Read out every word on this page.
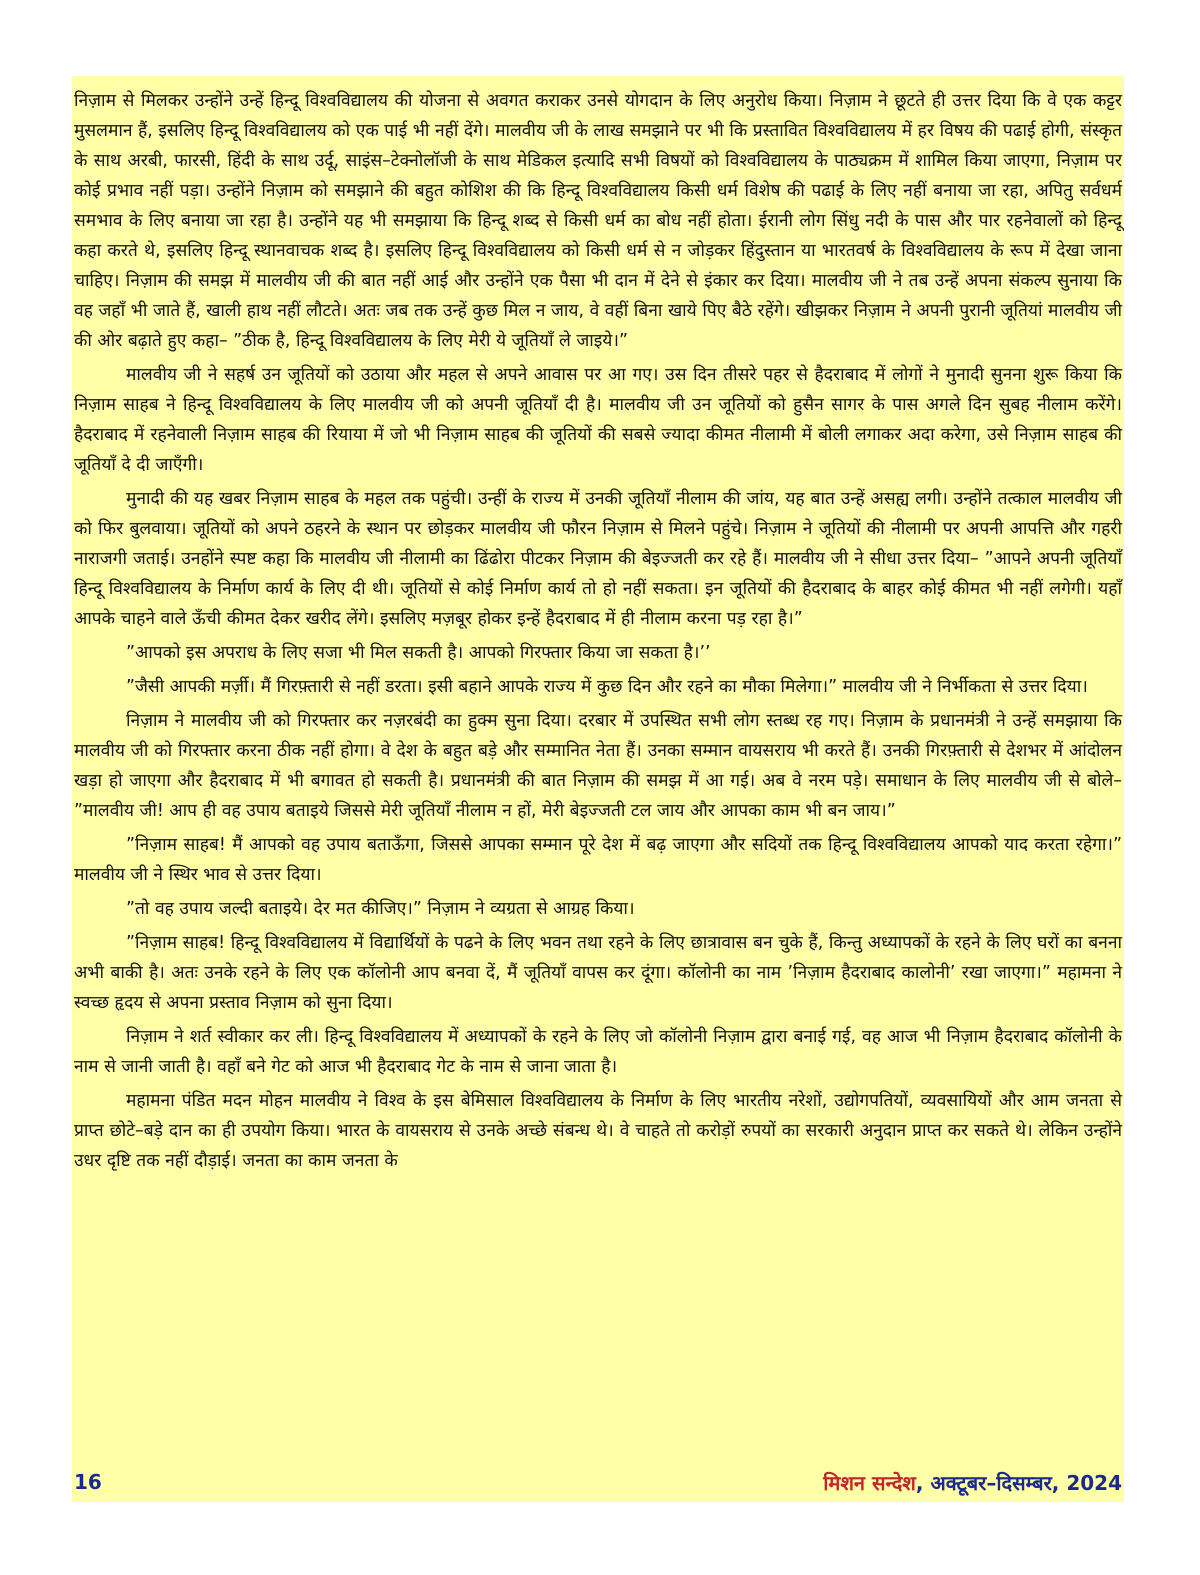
निज़ाम से मिलकर उन्होंने उन्हें हिन्दू विश्वविद्यालय की योजना से अवगत कराकर उनसे योगदान के लिए अनुरोध किया। निज़ाम ने छूटते ही उत्तर दिया कि वे एक कट्टर मुसलमान हैं, इसलिए हिन्दू विश्वविद्यालय को एक पाई भी नहीं देंगे। मालवीय जी के लाख समझाने पर भी कि प्रस्तावित विश्वविद्यालय में हर विषय की पढाई होगी, संस्कृत के साथ अरबी, फारसी, हिंदी के साथ उर्दू, साइंस–टेक्नोलॉजी के साथ मेडिकल इत्यादि सभी विषयों को विश्वविद्यालय के पाठ्यक्रम में शामिल किया जाएगा, निज़ाम पर कोई प्रभाव नहीं पड़ा। उन्होंने निज़ाम को समझाने की बहुत कोशिश की कि हिन्दू विश्वविद्यालय किसी धर्म विशेष की पढाई के लिए नहीं बनाया जा रहा, अपितु सर्वधर्म समभाव के लिए बनाया जा रहा है। उन्होंने यह भी समझाया कि हिन्दू शब्द से किसी धर्म का बोध नहीं होता। ईरानी लोग सिंधु नदी के पास और पार रहनेवालों को हिन्दू कहा करते थे, इसलिए हिन्दू स्थानवाचक शब्द है। इसलिए हिन्दू विश्वविद्यालय को किसी धर्म से न जोड़कर हिंदुस्तान या भारतवर्ष के विश्वविद्यालय के रूप में देखा जाना चाहिए। निज़ाम की समझ में मालवीय जी की बात नहीं आई और उन्होंने एक पैसा भी दान में देने से इंकार कर दिया। मालवीय जी ने तब उन्हें अपना संकल्प सुनाया कि वह जहाँ भी जाते हैं, खाली हाथ नहीं लौटते। अतः जब तक उन्हें कुछ मिल न जाय, वे वहीं बिना खाये पिए बैठे रहेंगे। खीझकर निज़ाम ने अपनी पुरानी जूतियां मालवीय जी की ओर बढ़ाते हुए कहा– ”ठीक है, हिन्दू विश्वविद्यालय के लिए मेरी ये जूतियाँ ले जाइये।”

मालवीय जी ने सहर्ष उन जूतियों को उठाया और महल से अपने आवास पर आ गए। उस दिन तीसरे पहर से हैदराबाद में लोगों ने मुनादी सुनना शुरू किया कि निज़ाम साहब ने हिन्दू विश्वविद्यालय के लिए मालवीय जी को अपनी जूतियाँ दी है। मालवीय जी उन जूतियों को हुसैन सागर के पास अगले दिन सुबह नीलाम करेंगे। हैदराबाद में रहनेवाली निज़ाम साहब की रियाया में जो भी निज़ाम साहब की जूतियों की सबसे ज्यादा कीमत नीलामी में बोली लगाकर अदा करेगा, उसे निज़ाम साहब की जूतियाँ दे दी जाएँगी।

मुनादी की यह खबर निज़ाम साहब के महल तक पहुंची। उन्हीं के राज्य में उनकी जूतियाँ नीलाम की जांय, यह बात उन्हें असह्य लगी। उन्होंने तत्काल मालवीय जी को फिर बुलवाया। जूतियों को अपने ठहरने के स्थान पर छोड़कर मालवीय जी फौरन निज़ाम से मिलने पहुंचे। निज़ाम ने जूतियों की नीलामी पर अपनी आपत्ति और गहरी नाराजगी जताई। उनहोंने स्पष्ट कहा कि मालवीय जी नीलामी का ढिंढोरा पीटकर निज़ाम की बेइज्जती कर रहे हैं। मालवीय जी ने सीधा उत्तर दिया– ”आपने अपनी जूतियाँ हिन्दू विश्वविद्यालय के निर्माण कार्य के लिए दी थी। जूतियों से कोई निर्माण कार्य तो हो नहीं सकता। इन जूतियों की हैदराबाद के बाहर कोई कीमत भी नहीं लगेगी। यहाँ आपके चाहने वाले ऊँची कीमत देकर खरीद लेंगे। इसलिए मज़बूर होकर इन्हें हैदराबाद में ही नीलाम करना पड़ रहा है।”

”आपको इस अपराध के लिए सजा भी मिल सकती है। आपको गिरफ्तार किया जा सकता है।’’

”जैसी आपकी मर्ज़ी। मैं गिरफ़्तारी से नहीं डरता। इसी बहाने आपके राज्य में कुछ दिन और रहने का मौका मिलेगा।” मालवीय जी ने निर्भीकता से उत्तर दिया।

निज़ाम ने मालवीय जी को गिरफ्तार कर नज़रबंदी का हुक्म सुना दिया। दरबार में उपस्थित सभी लोग स्तब्ध रह गए। निज़ाम के प्रधानमंत्री ने उन्हें समझाया कि मालवीय जी को गिरफ्तार करना ठीक नहीं होगा। वे देश के बहुत बड़े और सम्मानित नेता हैं। उनका सम्मान वायसराय भी करते हैं। उनकी गिरफ़्तारी से देशभर में आंदोलन खड़ा हो जाएगा और हैदराबाद में भी बगावत हो सकती है। प्रधानमंत्री की बात निज़ाम की समझ में आ गई। अब वे नरम पड़े। समाधान के लिए मालवीय जी से बोले– ”मालवीय जी! आप ही वह उपाय बताइये जिससे मेरी जूतियाँ नीलाम न हों, मेरी बेइज्जती टल जाय और आपका काम भी बन जाय।”

”निज़ाम साहब! मैं आपको वह उपाय बताऊँगा, जिससे आपका सम्मान पूरे देश में बढ़ जाएगा और सदियों तक हिन्दू विश्वविद्यालय आपको याद करता रहेगा।” मालवीय जी ने स्थिर भाव से उत्तर दिया।

”तो वह उपाय जल्दी बताइये। देर मत कीजिए।” निज़ाम ने व्यग्रता से आग्रह किया।

”निज़ाम साहब! हिन्दू विश्वविद्यालय में विद्यार्थियों के पढने के लिए भवन तथा रहने के लिए छात्रावास बन चुके हैं, किन्तु अध्यापकों के रहने के लिए घरों का बनना अभी बाकी है। अतः उनके रहने के लिए एक कॉलोनी आप बनवा दें, मैं जूतियाँ वापस कर दूंगा। कॉलोनी का नाम ’निज़ाम हैदराबाद कालोनी’ रखा जाएगा।” महामना ने स्वच्छ हृदय से अपना प्रस्ताव निज़ाम को सुना दिया।

निज़ाम ने शर्त स्वीकार कर ली। हिन्दू विश्वविद्यालय में अध्यापकों के रहने के लिए जो कॉलोनी निज़ाम द्वारा बनाई गई, वह आज भी निज़ाम हैदराबाद कॉलोनी के नाम से जानी जाती है। वहाँ बने गेट को आज भी हैदराबाद गेट के नाम से जाना जाता है।

महामना पंडित मदन मोहन मालवीय ने विश्व के इस बेमिसाल विश्वविद्यालय के निर्माण के लिए भारतीय नरेशों, उद्योगपतियों, व्यवसायियों और आम जनता से प्राप्त छोटे–बड़े दान का ही उपयोग किया। भारत के वायसराय से उनके अच्छे संबन्ध थे। वे चाहते तो करोड़ों रुपयों का सरकारी अनुदान प्राप्त कर सकते थे। लेकिन उन्होंने उधर दृष्टि तक नहीं दौड़ाई। जनता का काम जनता के

16	मिशन सन्देश, अक्टूबर–दिसम्बर, 2024
